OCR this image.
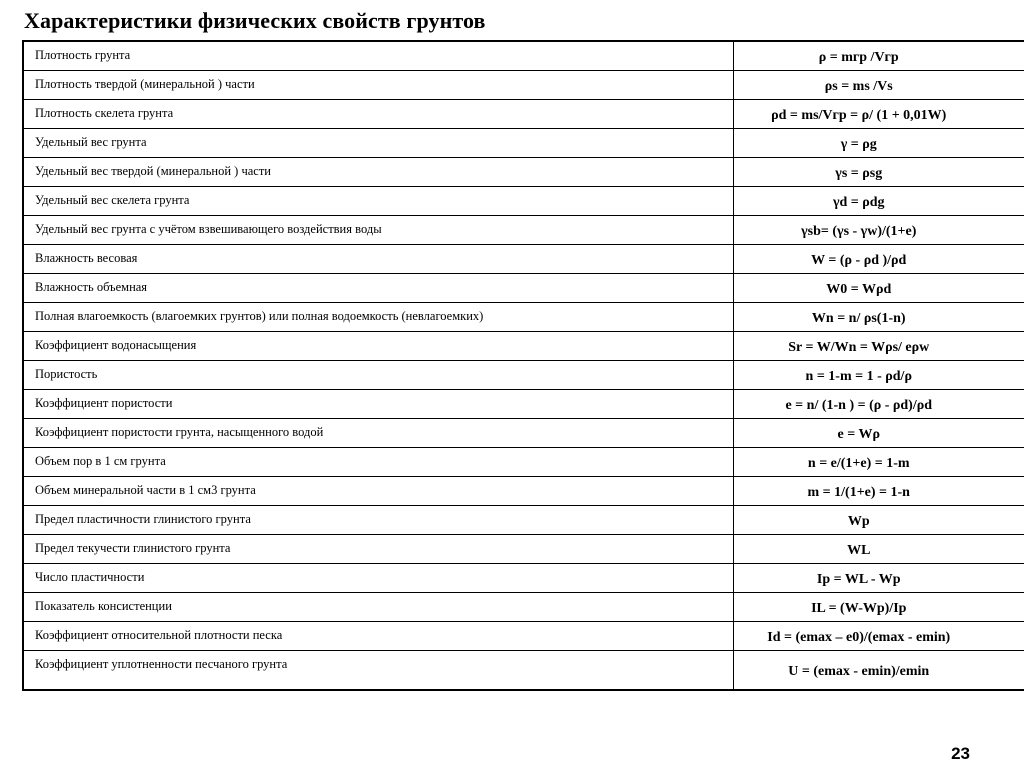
Характеристики физических свойств грунтов
Плотность грунта	ρ = mгр /Vгр
Плотность твердой (минеральной ) части	ρs = ms /Vs
Плотность скелета грунта	ρd = ms/Vгр = ρ/ (1 + 0,01W)
Удельный вес грунта	γ = ρg
Удельный вес твердой (минеральной ) части	γs = ρsg
Удельный вес скелета грунта	γd = ρdg
Удельный вес грунта с учётом взвешивающего воздействия воды	γsb= (γs - γw)/(1+e)
Влажность весовая	W = (ρ - ρd )/ρd
Влажность объемная	W0 = Wρd
Полная влагоемкость (влагоемких грунтов) или полная водоемкость (невлагоемких)	Wn = n/ ρs(1-n)
Коэффициент водонасыщения	Sr = W/Wn = Wρs/ eρw
Пористость	n = 1-m = 1 - ρd/ρ
Коэффициент пористости	e = n/ (1-n ) = (ρ - ρd)/ρd
Коэффициент пористости грунта, насыщенного водой	e = Wρ
Объем пор в 1 см грунта	n = e/(1+e) = 1-m
Объем минеральной части в 1 см3 грунта	m = 1/(1+e) = 1-n
Предел пластичности глинистого грунта	Wp
Предел текучести глинистого грунта	WL
Число пластичности	Ip = WL - Wp
Показатель консистенции	IL = (W-Wp)/Ip
Коэффициент относительной плотности песка	Id = (emax – e0)/(emax - emin)
Коэффициент уплотненности песчаного грунта	U = (emax - emin)/emin
23
